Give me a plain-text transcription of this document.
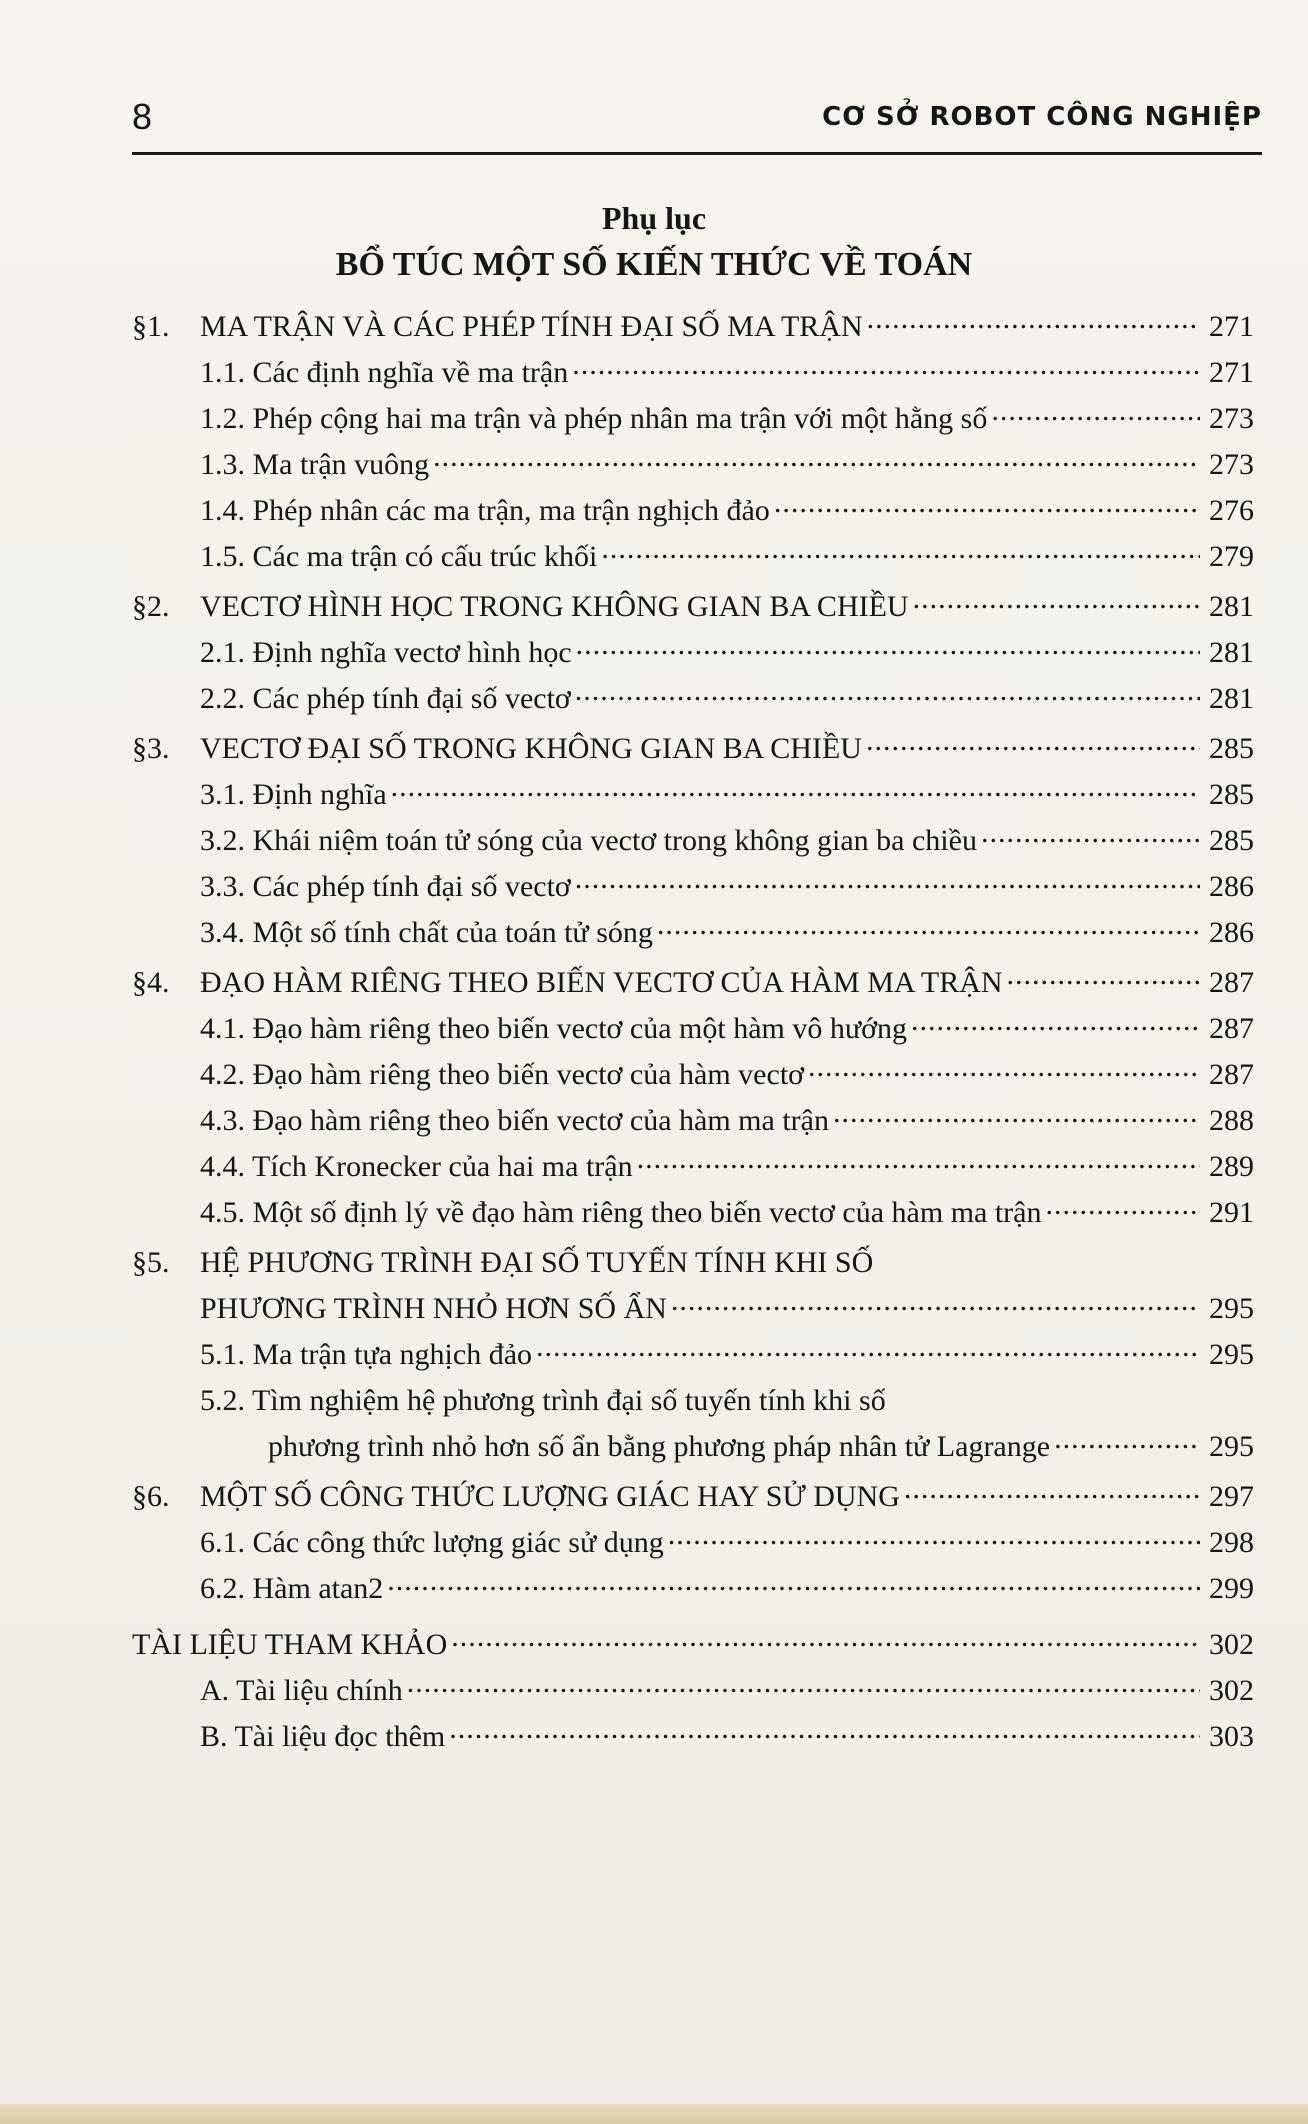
8	CƠ SỞ ROBOT CÔNG NGHIỆP
Phụ lục
BỔ TÚC MỘT SỐ KIẾN THỨC VỀ TOÁN
§1.	MA TRẬN VÀ CÁC PHÉP TÍNH ĐẠI SỐ MA TRẬN .....	271
1.1. Các định nghĩa về ma trận .....	271
1.2. Phép cộng hai ma trận và phép nhân ma trận với một hằng số .....	273
1.3. Ma trận vuông .....	273
1.4. Phép nhân các ma trận, ma trận nghịch đảo .....	276
1.5. Các ma trận có cấu trúc khối .....	279
§2.	VECTƠ HÌNH HỌC TRONG KHÔNG GIAN BA CHIỀU .....	281
2.1. Định nghĩa vectơ hình học .....	281
2.2. Các phép tính đại số vectơ .....	281
§3.	VECTƠ ĐẠI SỐ TRONG KHÔNG GIAN BA CHIỀU .....	285
3.1. Định nghĩa .....	285
3.2. Khái niệm toán tử sóng của vectơ trong không gian ba chiều .....	285
3.3. Các phép tính đại số vectơ .....	286
3.4. Một số tính chất của toán tử sóng .....	286
§4.	ĐẠO HÀM RIÊNG THEO BIẾN VECTƠ CỦA HÀM MA TRẬN .....	287
4.1. Đạo hàm riêng theo biến vectơ của một hàm vô hướng .....	287
4.2. Đạo hàm riêng theo biến vectơ của hàm vectơ .....	287
4.3. Đạo hàm riêng theo biến vectơ của hàm ma trận .....	288
4.4. Tích Kronecker của hai ma trận .....	289
4.5. Một số định lý về đạo hàm riêng theo biến vectơ của hàm ma trận .....	291
§5.	HỆ PHƯƠNG TRÌNH ĐẠI SỐ TUYẾN TÍNH KHI SỐ
PHƯƠNG TRÌNH NHỎ HƠN SỐ ẨN .....	295
5.1. Ma trận tựa nghịch đảo .....	295
5.2. Tìm nghiệm hệ phương trình đại số tuyến tính khi số
phương trình nhỏ hơn số ẩn bằng phương pháp nhân tử Lagrange .....	295
§6.	MỘT SỐ CÔNG THỨC LƯỢNG GIÁC HAY SỬ DỤNG .....	297
6.1. Các công thức lượng giác sử dụng .....	298
6.2. Hàm atan2 .....	299
TÀI LIỆU THAM KHẢO .....	302
A. Tài liệu chính .....	302
B. Tài liệu đọc thêm .....	303
